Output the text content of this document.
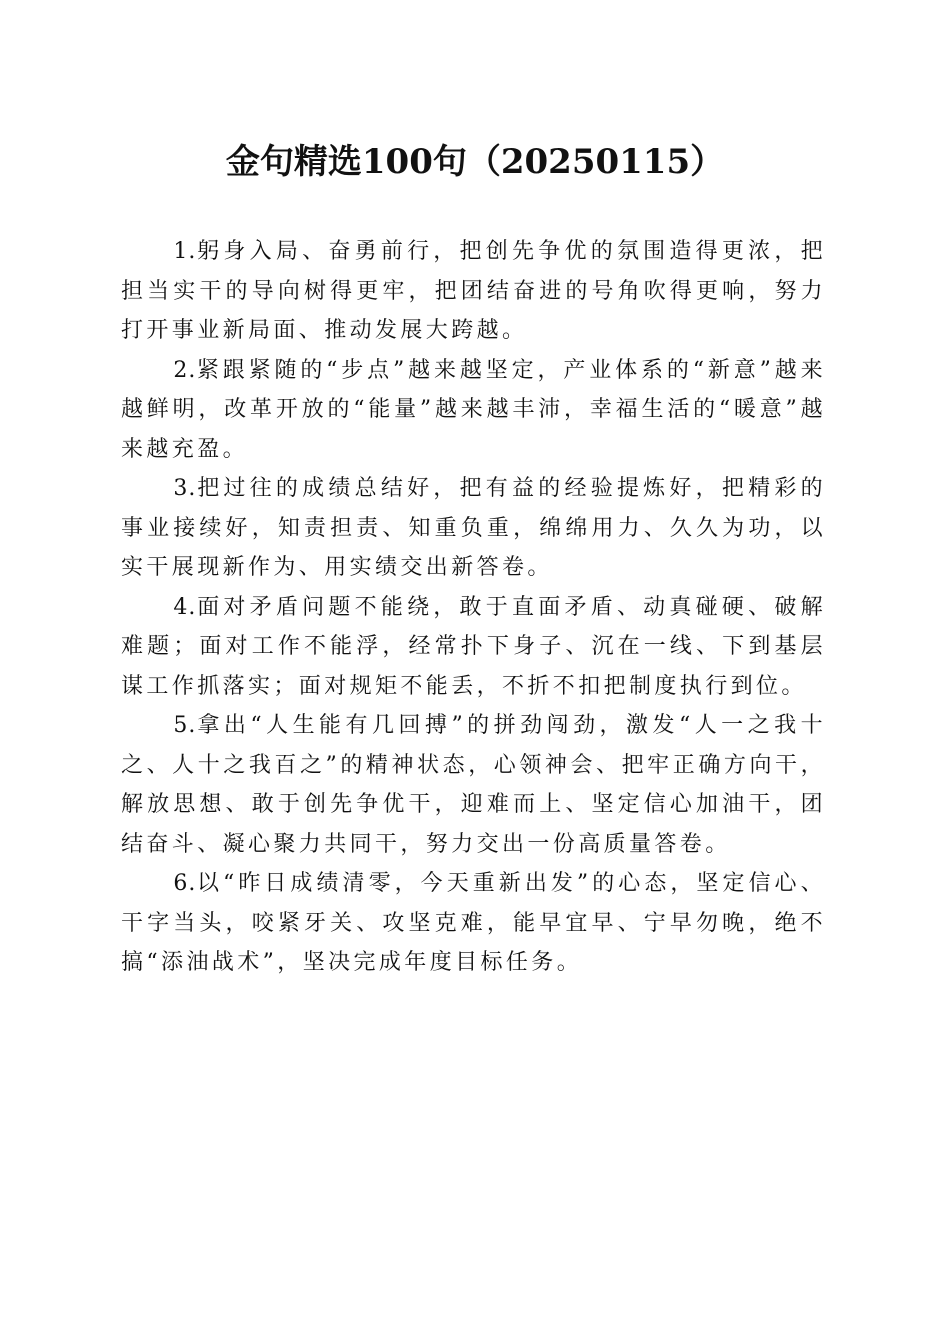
金句精选100句（20250115）

1.躬身入局、奋勇前行，把创先争优的氛围造得更浓，把担当实干的导向树得更牢，把团结奋进的号角吹得更响，努力打开事业新局面、推动发展大跨越。

2.紧跟紧随的“步点”越来越坚定，产业体系的“新意”越来越鲜明，改革开放的“能量”越来越丰沛，幸福生活的“暖意”越来越充盈。

3.把过往的成绩总结好，把有益的经验提炼好，把精彩的事业接续好，知责担责、知重负重，绵绵用力、久久为功，以实干展现新作为、用实绩交出新答卷。

4.面对矛盾问题不能绕，敢于直面矛盾、动真碰硬、破解难题；面对工作不能浮，经常扑下身子、沉在一线、下到基层谋工作抓落实；面对规矩不能丢，不折不扣把制度执行到位。

5.拿出“人生能有几回搏”的拼劲闯劲，激发“人一之我十之、人十之我百之”的精神状态，心领神会、把牢正确方向干，解放思想、敢于创先争优干，迎难而上、坚定信心加油干，团结奋斗、凝心聚力共同干，努力交出一份高质量答卷。

6.以“昨日成绩清零，今天重新出发”的心态，坚定信心、干字当头，咬紧牙关、攻坚克难，能早宜早、宁早勿晚，绝不搞“添油战术”，坚决完成年度目标任务。
